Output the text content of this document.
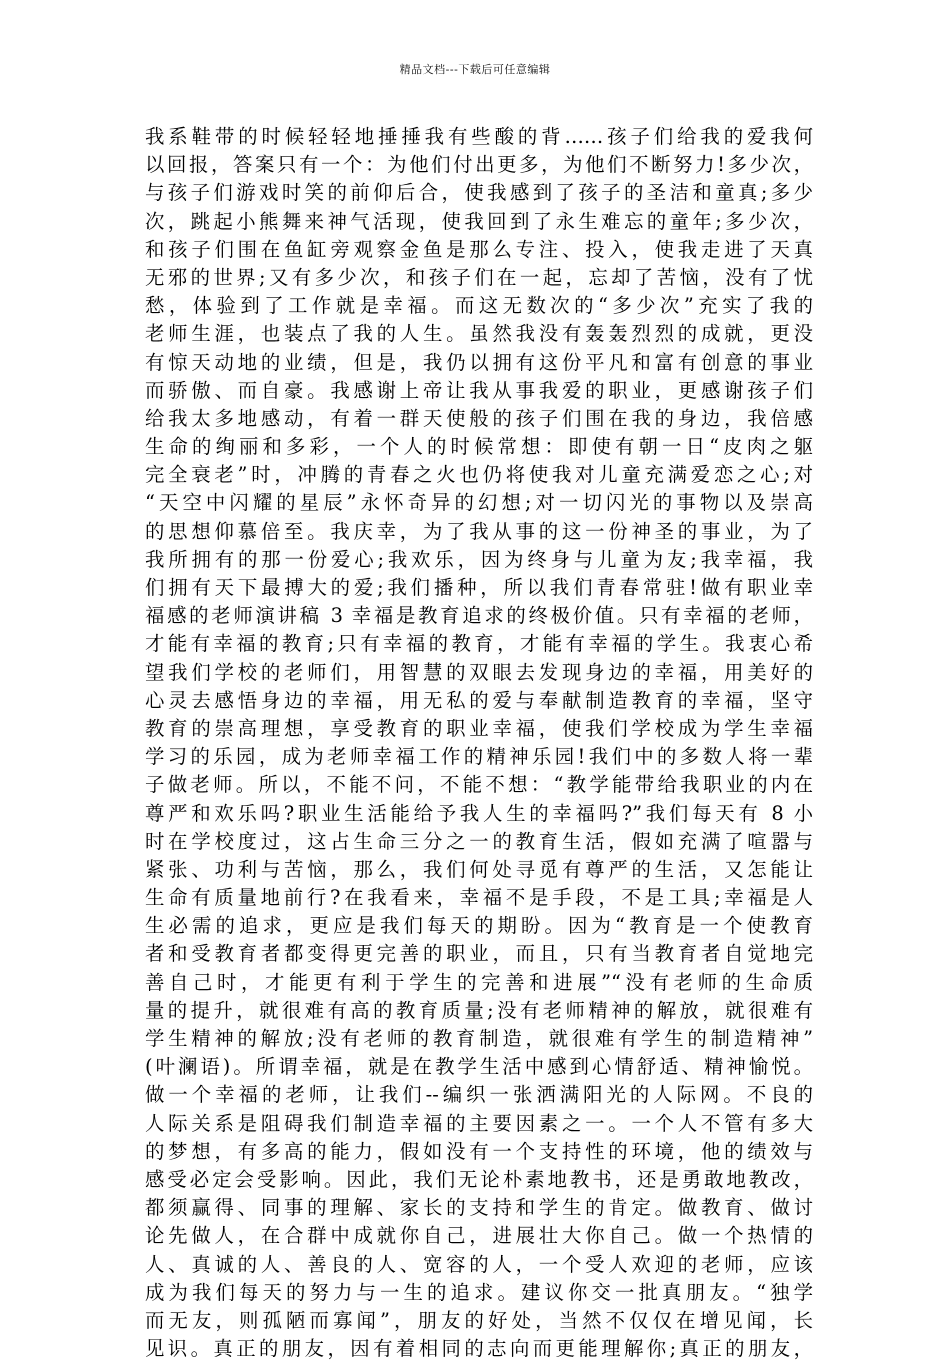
精品文档---下载后可任意编辑
我系鞋带的时候轻轻地捶捶我有些酸的背……孩子们给我的爱我何
以回报，答案只有一个：为他们付出更多，为他们不断努力!多少次，
与孩子们游戏时笑的前仰后合，使我感到了孩子的圣洁和童真;多少
次，跳起小熊舞来神气活现，使我回到了永生难忘的童年;多少次，
和孩子们围在鱼缸旁观察金鱼是那么专注、投入，使我走进了天真
无邪的世界;又有多少次，和孩子们在一起，忘却了苦恼，没有了忧
愁，体验到了工作就是幸福。而这无数次的“多少次”充实了我的
老师生涯，也装点了我的人生。虽然我没有轰轰烈烈的成就，更没
有惊天动地的业绩，但是，我仍以拥有这份平凡和富有创意的事业
而骄傲、而自豪。我感谢上帝让我从事我爱的职业，更感谢孩子们
给我太多地感动，有着一群天使般的孩子们围在我的身边，我倍感
生命的绚丽和多彩，一个人的时候常想：即使有朝一日“皮肉之躯
完全衰老”时，冲腾的青春之火也仍将使我对儿童充满爱恋之心;对
“天空中闪耀的星辰”永怀奇异的幻想;对一切闪光的事物以及崇高
的思想仰慕倍至。我庆幸，为了我从事的这一份神圣的事业，为了
我所拥有的那一份爱心;我欢乐，因为终身与儿童为友;我幸福，我
们拥有天下最搏大的爱;我们播种，所以我们青春常驻!做有职业幸
福感的老师演讲稿 3 幸福是教育追求的终极价值。只有幸福的老师，
才能有幸福的教育;只有幸福的教育，才能有幸福的学生。我衷心希
望我们学校的老师们，用智慧的双眼去发现身边的幸福，用美好的
心灵去感悟身边的幸福，用无私的爱与奉献制造教育的幸福，坚守
教育的崇高理想，享受教育的职业幸福，使我们学校成为学生幸福
学习的乐园，成为老师幸福工作的精神乐园!我们中的多数人将一辈
子做老师。所以，不能不问，不能不想：“教学能带给我职业的内在
尊严和欢乐吗?职业生活能给予我人生的幸福吗?”我们每天有 8 小
时在学校度过，这占生命三分之一的教育生活，假如充满了喧嚣与
紧张、功利与苦恼，那么，我们何处寻觅有尊严的生活，又怎能让
生命有质量地前行?在我看来，幸福不是手段，不是工具;幸福是人
生必需的追求，更应是我们每天的期盼。因为“教育是一个使教育
者和受教育者都变得更完善的职业，而且，只有当教育者自觉地完
善自己时，才能更有利于学生的完善和进展”“没有老师的生命质
量的提升，就很难有高的教育质量;没有老师精神的解放，就很难有
学生精神的解放;没有老师的教育制造，就很难有学生的制造精神”
(叶澜语)。所谓幸福，就是在教学生活中感到心情舒适、精神愉悦。
做一个幸福的老师，让我们--编织一张洒满阳光的人际网。不良的
人际关系是阻碍我们制造幸福的主要因素之一。一个人不管有多大
的梦想，有多高的能力，假如没有一个支持性的环境，他的绩效与
感受必定会受影响。因此，我们无论朴素地教书，还是勇敢地教改，
都须赢得、同事的理解、家长的支持和学生的肯定。做教育、做讨
论先做人，在合群中成就你自己，进展壮大你自己。做一个热情的
人、真诚的人、善良的人、宽容的人，一个受人欢迎的老师，应该
成为我们每天的努力与一生的追求。建议你交一批真朋友。“独学
而无友，则孤陋而寡闻”，朋友的好处，当然不仅仅在增见闻，长
见识。真正的朋友，因有着相同的志向而更能理解你;真正的朋友，
